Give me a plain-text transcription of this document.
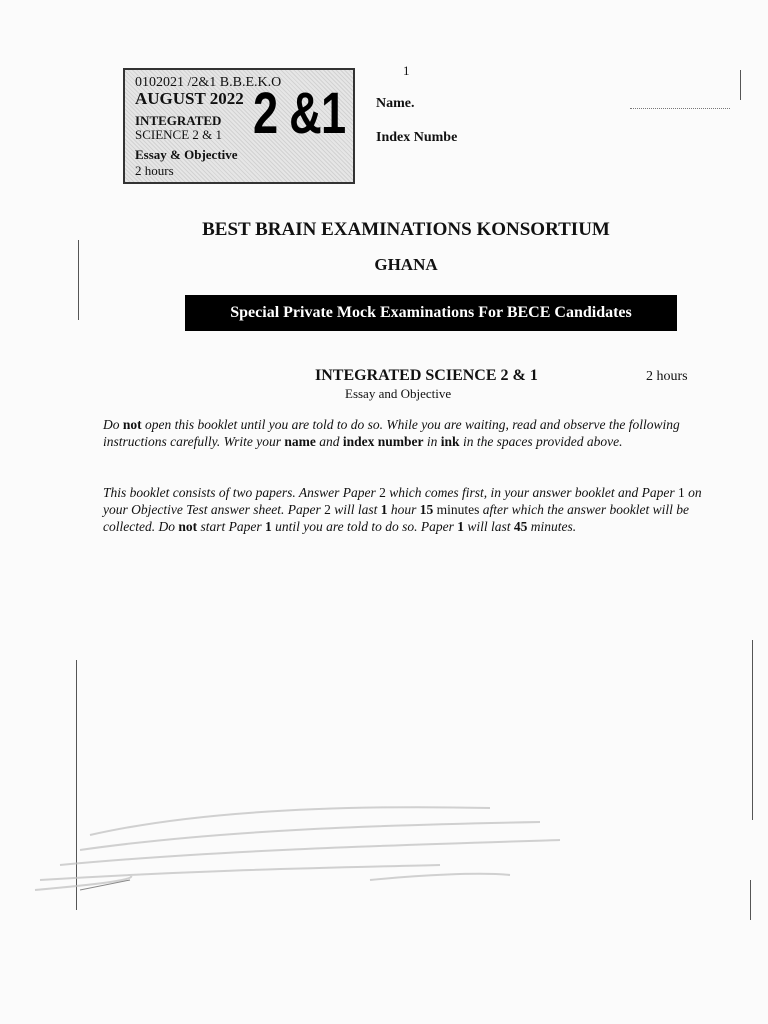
0102021 /2&1 B.B.E.K.O
AUGUST 2022
INTEGRATED
SCIENCE 2 & 1
Essay & Objective
2 hours
2 &1
1
Name.
Index Numbe
BEST BRAIN EXAMINATIONS KONSORTIUM
GHANA
Special Private Mock Examinations For BECE Candidates
INTEGRATED SCIENCE 2 & 1	2 hours
Essay and Objective
Do not open this booklet until you are told to do so. While you are waiting, read and observe the following instructions carefully. Write your name and index number in ink in the spaces provided above.
This booklet consists of two papers. Answer Paper 2 which comes first, in your answer booklet and Paper 1 on your Objective Test answer sheet. Paper 2 will last 1 hour 15 minutes after which the answer booklet will be collected. Do not start Paper 1 until you are told to do so. Paper 1 will last 45 minutes.
